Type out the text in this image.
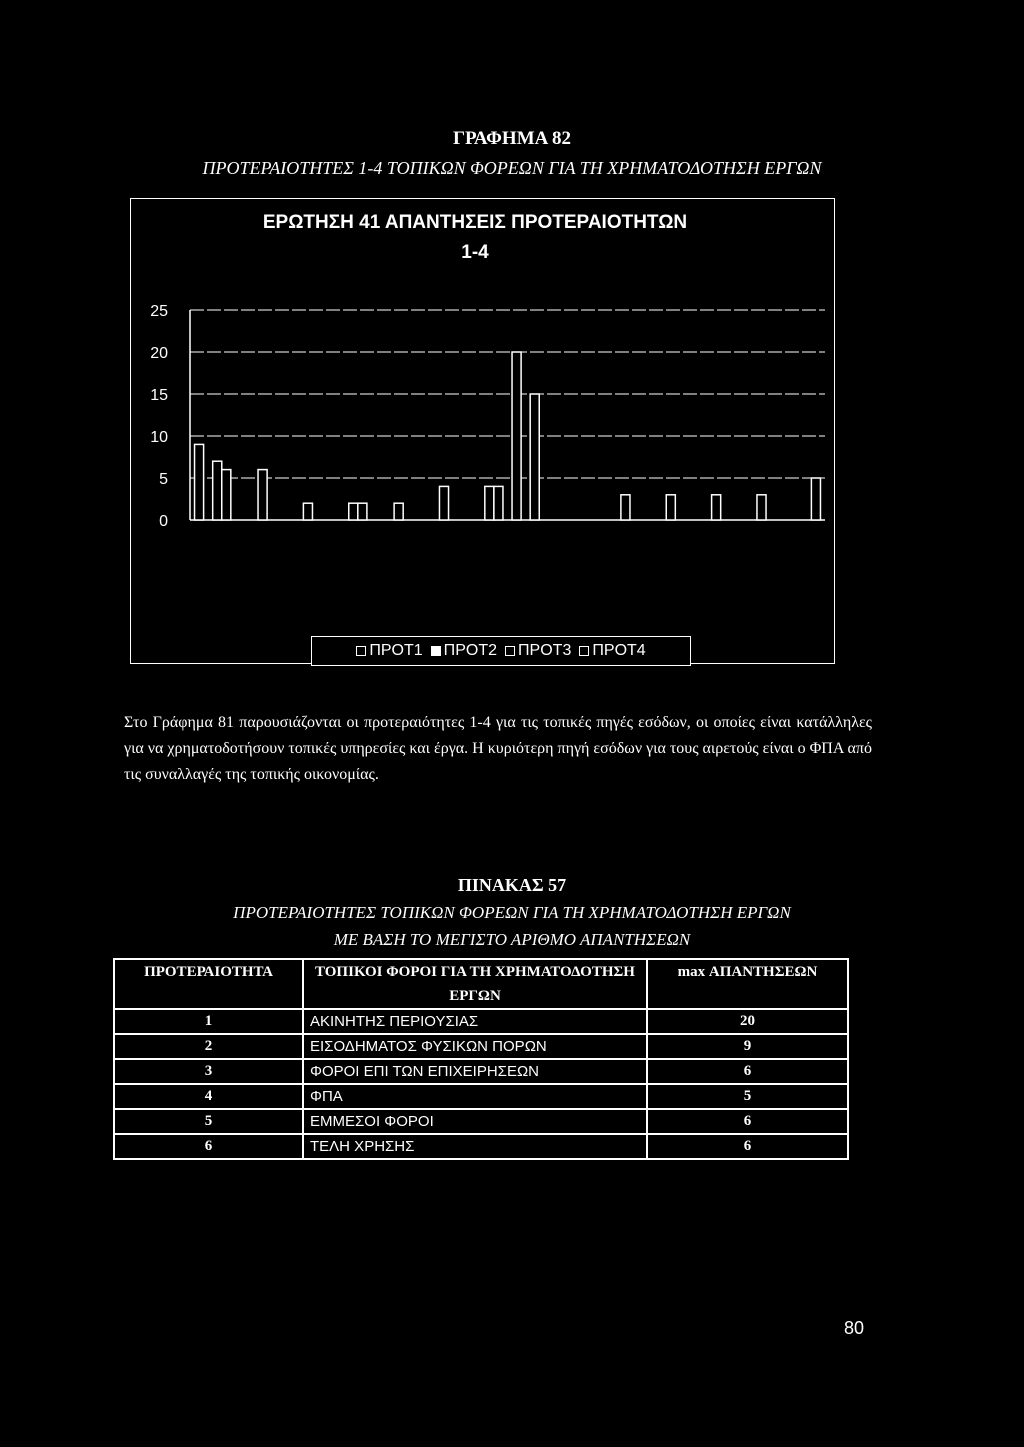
ΓΡΑΦΗΜΑ 82
ΠΡΟΤΕΡΑΙΟΤΗΤΕΣ 1-4 ΤΟΠΙΚΩΝ ΦΟΡΕΩΝ ΓΙΑ ΤΗ ΧΡΗΜΑΤΟΔΟΤΗΣΗ ΕΡΓΩΝ
0
5
10
15
20
25
ΕΡΩΤΗΣΗ 41 ΑΠΑΝΤΗΣΕΙΣ ΠΡΟΤΕΡΑΙΟΤΗΤΩΝ
1-4
ΠΡΟΤ1 ΠΡΟΤ2 ΠΡΟΤ3 ΠΡΟΤ4
Στο Γράφημα 81 παρουσιάζονται οι προτεραιότητες 1-4 για τις τοπικές πηγές εσόδων, οι οποίες είναι κατάλληλες για να χρηματοδοτήσουν τοπικές υπηρεσίες και έργα. Η κυριότερη πηγή εσόδων για τους αιρετούς είναι ο ΦΠΑ από τις συναλλαγές της τοπικής οικονομίας.
ΠΙΝΑΚΑΣ 57
ΠΡΟΤΕΡΑΙΟΤΗΤΕΣ ΤΟΠΙΚΩΝ ΦΟΡΕΩΝ ΓΙΑ ΤΗ ΧΡΗΜΑΤΟΔΟΤΗΣΗ ΕΡΓΩΝ
ΜΕ ΒΑΣΗ ΤΟ ΜΕΓΙΣΤΟ ΑΡΙΘΜΟ ΑΠΑΝΤΗΣΕΩΝ
ΠΡΟΤΕΡΑΙΟΤΗΤΑ	ΤΟΠΙΚΟΙ ΦΟΡΟΙ ΓΙΑ ΤΗ ΧΡΗΜΑΤΟΔΟΤΗΣΗ ΕΡΓΩΝ	max ΑΠΑΝΤΗΣΕΩΝ
1	ΑΚΙΝΗΤΗΣ ΠΕΡΙΟΥΣΙΑΣ	20
2	ΕΙΣΟΔΗΜΑΤΟΣ ΦΥΣΙΚΩΝ ΠΟΡΩΝ	9
3	ΦΟΡΟΙ ΕΠΙ ΤΩΝ ΕΠΙΧΕΙΡΗΣΕΩΝ	6
4	ΦΠΑ	5
5	ΕΜΜΕΣΟΙ ΦΟΡΟΙ	6
6	ΤΕΛΗ ΧΡΗΣΗΣ	6
80
